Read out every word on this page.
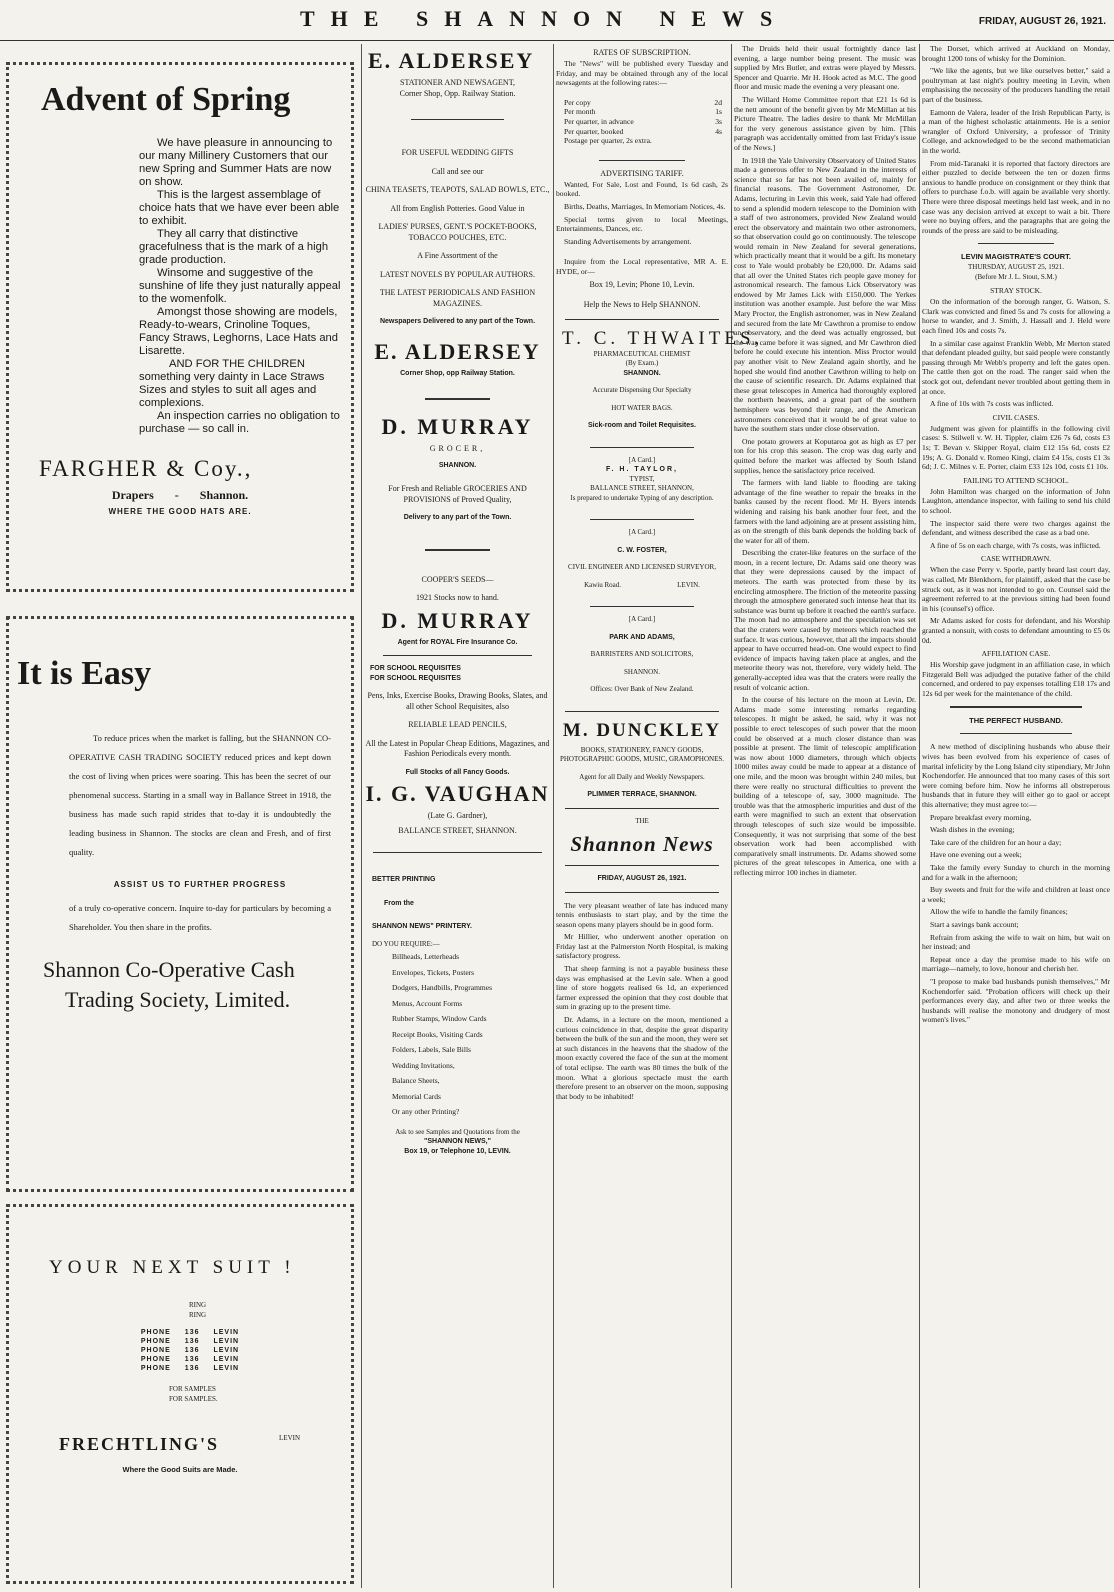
THE SHANNON NEWS	FRIDAY, AUGUST 26, 1921.
Advent of Spring

We have pleasure in announcing to our many Millinery Customers that our new Spring and Summer Hats are now on show.

This is the largest assemblage of choice hats that we have ever been able to exhibit.

They all carry that distinctive gracefulness that is the mark of a high grade production.

Winsome and suggestive of the sunshine of life they just naturally appeal to the womenfolk.

Amongst those showing are models, Ready-to-wears, Crinoline Toques, Fancy Straws, Leghorns, Lace Hats and Lisarette.

AND FOR THE CHILDREN

something very dainty in Lace Straws Sizes and styles to suit all ages and complexions.

An inspection carries no obligation to purchase — so call in.

FARGHER & Coy.,
Drapers - Shannon.
WHERE THE GOOD HATS ARE.
It is Easy
To reduce prices when the market is falling, but the SHANNON CO-OPERATIVE CASH TRADING SOCIETY reduced prices and kept down the cost of living when prices were soaring. This has been the secret of our phenomenal success. Starting in a small way in Ballance Street in 1918, the business has made such rapid strides that to-day it is undoubtedly the leading business in Shannon. The stocks are clean and Fresh, and of first quality.
ASSIST US TO FURTHER PROGRESS
of a truly co-operative concern. Inquire to-day for particulars by becoming a Shareholder. You then share in the profits.
Shannon Co-Operative Cash
Trading Society, Limited.
YOUR NEXT SUIT !
RING
RING
PHONE 136 LEVIN
PHONE 136 LEVIN
PHONE 136 LEVIN
PHONE 136 LEVIN
PHONE 136 LEVIN
FOR SAMPLES
FOR SAMPLES.
FRECHTLING'S	LEVIN
Where the Good Suits are Made.
E. ALDERSEY
STATIONER AND NEWSAGENT,
Corner Shop, Opp. Railway Station.
FOR USEFUL WEDDING GIFTS
Call and see our
CHINA TEASETS, TEAPOTS, SALAD BOWLS, ETC.,
All from English Potteries. Good Value in
LADIES' PURSES, GENT.'S POCKET-BOOKS, TOBACCO POUCHES, ETC.
A Fine Assortment of the
LATEST NOVELS BY POPULAR AUTHORS.
THE LATEST PERIODICALS AND FASHION MAGAZINES.
Newspapers Delivered to any part of the Town.
E. ALDERSEY
Corner Shop, opp Railway Station.
D. MURRAY
GROCER,
SHANNON.
For Fresh and Reliable GROCERIES AND PROVISIONS of Proved Quality,
Delivery to any part of the Town.
COOPER'S SEEDS—
1921 Stocks now to hand.
D. MURRAY
Agent for ROYAL Fire Insurance Co.
FOR SCHOOL REQUISITES
FOR SCHOOL REQUISITES
Pens, Inks, Exercise Books, Drawing Books, Slates, and all other School Requisites, also
RELIABLE LEAD PENCILS,
All the Latest in Popular Cheap Editions, Magazines, and Fashion Periodicals every month.
Full Stocks of all Fancy Goods.
I. G. VAUGHAN
(Late G. Gardner),
BALLANCE STREET, SHANNON.
BETTER PRINTING
From the
SHANNON NEWS" PRINTERY.
DO YOU REQUIRE:—
Billheads, Letterheads
Envelopes, Tickets, Posters
Dodgers, Handbills, Programmes
Menus, Account Forms
Rubber Stamps, Window Cards
Receipt Books, Visiting Cards
Folders, Labels, Sale Bills
Wedding Invitations,
Balance Sheets,
Memorial Cards
Or any other Printing?
Ask to see Samples and Quotations from the
"SHANNON NEWS,"
Box 19, or Telephone 10, LEVIN.
RATES OF SUBSCRIPTION.
The "News" will be published every Tuesday and Friday, and may be obtained through any of the local newsagents at the following rates:—
Per copy	2d
Per month	1s
Per quarter, in advance	3s
Per quarter, booked	4s
Postage per quarter, 2s extra.
ADVERTISING TARIFF.
Wanted, For Sale, Lost and Found, 1s 6d cash, 2s booked.
Births, Deaths, Marriages, In Memoriam Notices, 4s.
Special terms given to local Meetings, Entertainments, Dances, etc.
Standing Advertisements by arrangement.
Inquire from the Local representative, MR A. E. HYDE, or—
Box 19, Levin; Phone 10, Levin.
Help the News to Help SHANNON.
T. C. THWAITES,
PHARMACEUTICAL CHEMIST
(By Exam.)
SHANNON.
Accurate Dispensing Our Specialty
HOT WATER BAGS.
Sick-room and Toilet Requisites.
[A Card.]
F. H. TAYLOR,
TYPIST,
BALLANCE STREET, SHANNON,
Is prepared to undertake Typing of any description.
[A Card.]
C. W. FOSTER,
CIVIL ENGINEER AND LICENSED SURVEYOR,
Kawiu Road.	LEVIN.
[A Card.]
PARK AND ADAMS,
BARRISTERS AND SOLICITORS,
SHANNON.
Offices: Over Bank of New Zealand.
M. DUNCKLEY
BOOKS, STATIONERY, FANCY GOODS, PHOTOGRAPHIC GOODS, MUSIC, GRAMOPHONES.
Agent for all Daily and Weekly Newspapers.
PLIMMER TERRACE, SHANNON.
THE
Shannon News
FRIDAY, AUGUST 26, 1921.
The very pleasant weather of late has induced many tennis enthusiasts to start play, and by the time the season opens many players should be in good form.
Mr Hillier, who underwent another operation on Friday last at the Palmerston North Hospital, is making satisfactory progress.
That sheep farming is not a payable business these days was emphasised at the Levin sale. When a good line of store hoggets realised 6s 1d, an experienced farmer expressed the opinion that they cost double that sum in grazing up to the present time.
Dr. Adams, in a lecture on the moon, mentioned a curious coincidence in that, despite the great disparity between the bulk of the sun and the moon, they were set at such distances in the heavens that the shadow of the moon exactly covered the face of the sun at the moment of total eclipse. The earth was 80 times the bulk of the moon. What a glorious spectacle must the earth therefore present to an observer on the moon, supposing that body to be inhabited!
The Druids held their usual fortnightly dance last evening, a large number being present. The music was supplied by Mrs Butler, and extras were played by Messrs. Spencer and Quarrie. Mr H. Hook acted as M.C. The good floor and music made the evening a very pleasant one.
The Willard Home Committee report that £21 1s 6d is the nett amount of the benefit given by Mr McMillan at his Picture Theatre. The ladies desire to thank Mr McMillan for the very generous assistance given by him. [This paragraph was accidentally omitted from last Friday's issue of the News.]
In 1918 the Yale University Observatory of United States made a generous offer to New Zealand in the interests of science that so far has not been availed of, mainly for financial reasons. The Government Astronomer, Dr. Adams, lecturing in Levin this week, said Yale had offered to send a splendid modern telescope to the Dominion with a staff of two astronomers, provided New Zealand would erect the observatory and maintain two other astronomers, so that observation could go on continuously. The telescope would remain in New Zealand for several generations, which practically meant that it would be a gift. Its monetary cost to Yale would probably be £20,000. Dr. Adams said that all over the United States rich people gave money for astronomical research. The famous Lick Observatory was endowed by Mr James Lick with £150,000. The Yerkes institution was another example. Just before the war Miss Mary Proctor, the English astronomer, was in New Zealand and secured from the late Mr Cawthron a promise to endow an observatory, and the deed was actually engrossed, but the war came before it was signed, and Mr Cawthron died before he could execute his intention. Miss Proctor would pay another visit to New Zealand again shortly, and he hoped she would find another Cawthron willing to help on the cause of scientific research. Dr. Adams explained that these great telescopes in America had thoroughly explored the northern heavens, and a great part of the southern hemisphere was beyond their range, and the American astronomers conceived that it would be of great value to have the southern stars under close observation.
One potato growers at Koputaroa got as high as £7 per ton for his crop this season. The crop was dug early and quitted before the market was affected by South Island supplies, hence the satisfactory price received.
The farmers with land liable to flooding are taking advantage of the fine weather to repair the breaks in the banks caused by the recent flood. Mr H. Byers intends widening and raising his bank another four feet, and the farmers with the land adjoining are at present assisting him, as on the strength of this bank depends the holding back of the water for all of them.
Describing the crater-like features on the surface of the moon, in a recent lecture, Dr. Adams said one theory was that they were depressions caused by the impact of meteors. The earth was protected from these by its encircling atmosphere. The friction of the meteorite passing through the atmosphere generated such intense heat that its substance was burnt up before it reached the earth's surface. The moon had no atmosphere and the speculation was set that the craters were caused by meteors which reached the surface. It was curious, however, that all the impacts should appear to have occurred head-on. One would expect to find evidence of impacts having taken place at angles, and the meteorite theory was not, therefore, very widely held. The generally-accepted idea was that the craters were really the result of volcanic action.
In the course of his lecture on the moon at Levin, Dr. Adams made some interesting remarks regarding telescopes. It might be asked, he said, why it was not possible to erect telescopes of such power that the moon could be observed at a much closer distance than was possible at present. The limit of telescopic amplification was now about 1000 diameters, through which objects 1000 miles away could be made to appear at a distance of one mile, and the moon was brought within 240 miles, but there were really no structural difficulties to prevent the building of a telescope of, say, 3000 magnitude. The trouble was that the atmospheric impurities and dust of the earth were magnified to such an extent that observation through telescopes of such size would be impossible. Consequently, it was not surprising that some of the best observation work had been accomplished with comparatively small instruments. Dr. Adams showed some pictures of the great telescopes in America, one with a reflecting mirror 100 inches in diameter.
The Dorset, which arrived at Auckland on Monday, brought 1200 tons of whisky for the Dominion.
"We like the agents, but we like ourselves better," said a poultryman at last night's poultry meeting in Levin, when emphasising the necessity of the producers handling the retail part of the business.
Eamonn de Valera, leader of the Irish Republican Party, is a man of the highest scholastic attainments. He is a senior wrangler of Oxford University, a professor of Trinity College, and acknowledged to be the second mathematician in the world.
From mid-Taranaki it is reported that factory directors are either puzzled to decide between the ten or dozen firms anxious to handle produce on consignment or they think that offers to purchase f.o.b. will again be available very shortly. There were three disposal meetings held last week, and in no case was any decision arrived at except to wait a bit. There were no buying offers, and the paragraphs that are going the rounds of the press are said to be misleading.
LEVIN MAGISTRATE'S COURT.
THURSDAY, AUGUST 25, 1921.
(Before Mr J. L. Stout, S.M.)
STRAY STOCK.
On the information of the borough ranger, G. Watson, S. Clark was convicted and fined 5s and 7s costs for allowing a horse to wander, and J. Smith, J. Hassall and J. Held were each fined 10s and costs 7s.
In a similar case against Franklin Webb, Mr Merton stated that defendant pleaded guilty, but said people were constantly passing through Mr Webb's property and left the gates open. The cattle then got on the road. The ranger said when the stock got out, defendant never troubled about getting them in at once.
A fine of 10s with 7s costs was inflicted.
CIVIL CASES.
Judgment was given for plaintiffs in the following civil cases: S. Stilwell v. W. H. Tippler, claim £26 7s 6d, costs £3 1s; T. Bevan v. Skipper Royal, claim £12 15s 6d, costs £2 19s; A. G. Donald v. Romeo Kingi, claim £4 15s, costs £1 3s 6d; J. C. Milnes v. E. Porter, claim £33 12s 10d, costs £1 10s.
FAILING TO ATTEND SCHOOL.
John Hamilton was charged on the information of John Laughton, attendance inspector, with failing to send his child to school.
The inspector said there were two charges against the defendant, and witness described the case as a bad one.
A fine of 5s on each charge, with 7s costs, was inflicted.
CASE WITHDRAWN.
When the case Perry v. Sporle, partly heard last court day, was called, Mr Blenkhorn, for plaintiff, asked that the case be struck out, as it was not intended to go on. Counsel said the agreement referred to at the previous sitting had been found in his (counsel's) office.
Mr Adams asked for costs for defendant, and his Worship granted a nonsuit, with costs to defendant amounting to £5 0s 0d.
AFFILIATION CASE.
His Worship gave judgment in an affiliation case, in which Fitzgerald Bell was adjudged the putative father of the child concerned, and ordered to pay expenses totalling £18 17s and 12s 6d per week for the maintenance of the child.
THE PERFECT HUSBAND.
A new method of disciplining husbands who abuse their wives has been evolved from his experience of cases of marital infelicity by the Long Island city stipendiary, Mr John Kochendorfer. He announced that too many cases of this sort were coming before him. Now he informs all obstreperous husbands that in future they will either go to gaol or accept this alternative; they must agree to:—
Prepare breakfast every morning,
Wash dishes in the evening;
Take care of the children for an hour a day;
Have one evening out a week;
Take the family every Sunday to church in the morning and for a walk in the afternoon;
Buy sweets and fruit for the wife and children at least once a week;
Allow the wife to handle the family finances;
Start a savings bank account;
Refrain from asking the wife to wait on him, but wait on her instead; and
Repeat once a day the promise made to his wife on marriage—namely, to love, honour and cherish her.
"I propose to make bad husbands punish themselves," Mr Kochendorfer said. "Probation officers will check up their performances every day, and after two or three weeks the husbands will realise the monotony and drudgery of most women's lives."
